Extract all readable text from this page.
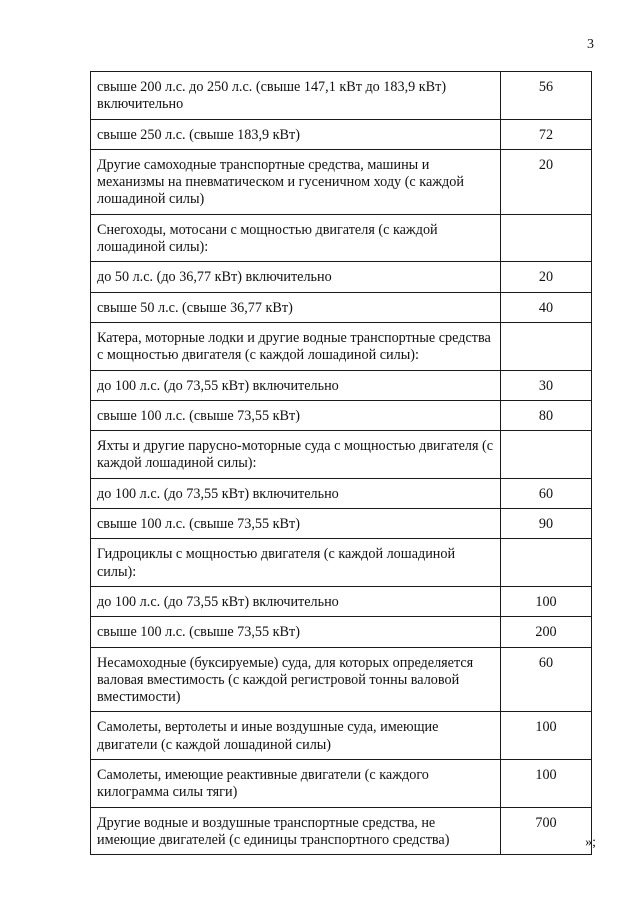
3
свыше 200 л.с. до 250 л.с. (свыше 147,1 кВт до 183,9 кВт) включительно	56
свыше 250 л.с. (свыше 183,9 кВт)	72
Другие самоходные транспортные средства, машины и механизмы на пневматическом и гусеничном ходу (с каждой лошадиной силы)	20
Снегоходы, мотосани с мощностью двигателя (с каждой лошадиной силы):	
до 50 л.с. (до 36,77 кВт) включительно	20
свыше 50 л.с. (свыше 36,77 кВт)	40
Катера, моторные лодки и другие водные транспортные средства с мощностью двигателя (с каждой лошадиной силы):	
до 100 л.с. (до 73,55 кВт) включительно	30
свыше 100 л.с. (свыше 73,55 кВт)	80
Яхты и другие парусно-моторные суда с мощностью двигателя (с каждой лошадиной силы):	
до 100 л.с. (до 73,55 кВт) включительно	60
свыше 100 л.с. (свыше 73,55 кВт)	90
Гидроциклы с мощностью двигателя (с каждой лошадиной силы):	
до 100 л.с. (до 73,55 кВт) включительно	100
свыше 100 л.с. (свыше 73,55 кВт)	200
Несамоходные (буксируемые) суда, для которых определяется валовая вместимость (с каждой регистровой тонны валовой вместимости)	60
Самолеты, вертолеты и иные воздушные суда, имеющие двигатели (с каждой лошадиной силы)	100
Самолеты, имеющие реактивные двигатели (с каждого килограмма силы тяги)	100
Другие водные и воздушные транспортные средства, не имеющие двигателей (с единицы транспортного средства)	700
»;
